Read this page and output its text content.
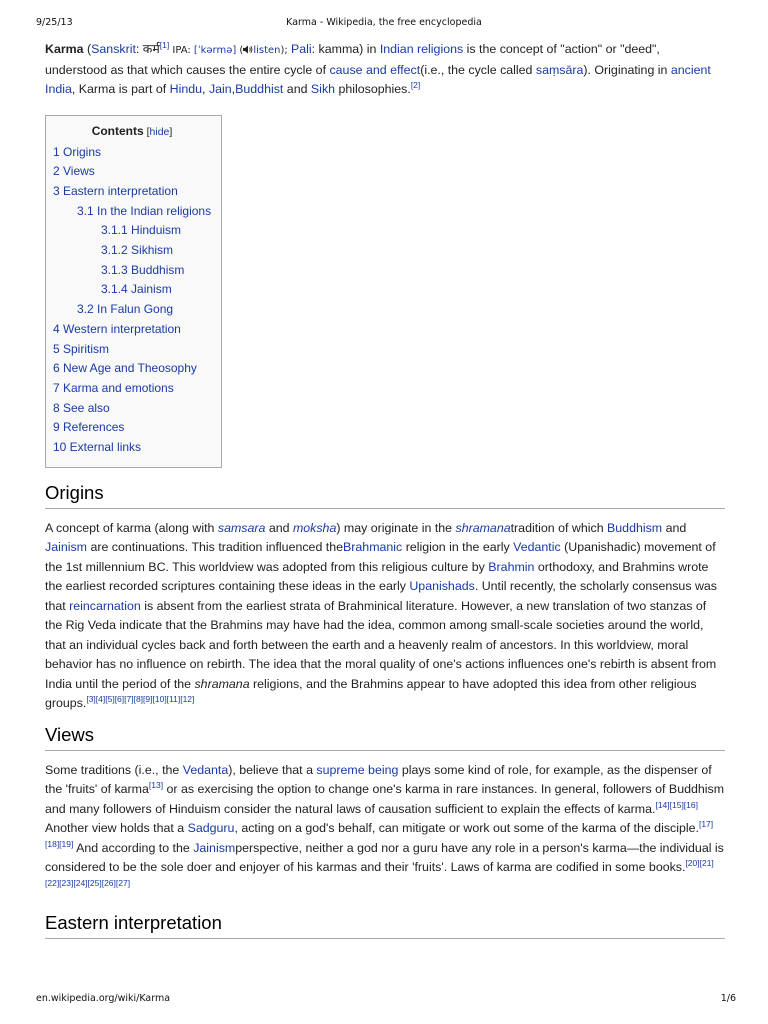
9/25/13	Karma - Wikipedia, the free encyclopedia

Karma (Sanskrit: कर्म[1] IPA: [ˈkərmə] ( listen); Pali: kamma) in Indian religions is the concept of "action" or "deed", understood as that which causes the entire cycle of cause and effect(i.e., the cycle called saṃsāra). Originating in ancient India, Karma is part of Hindu, Jain,Buddhist and Sikh philosophies.[2]

Contents [hide]
1 Origins
2 Views
3 Eastern interpretation
3.1 In the Indian religions
3.1.1 Hinduism
3.1.2 Sikhism
3.1.3 Buddhism
3.1.4 Jainism
3.2 In Falun Gong
4 Western interpretation
5 Spiritism
6 New Age and Theosophy
7 Karma and emotions
8 See also
9 References
10 External links
Origins

A concept of karma (along with samsara and moksha) may originate in the shramanatradition of which Buddhism and Jainism are continuations. This tradition influenced theBrahmanic religion in the early Vedantic (Upanishadic) movement of the 1st millennium BC. This worldview was adopted from this religious culture by Brahmin orthodoxy, and Brahmins wrote the earliest recorded scriptures containing these ideas in the early Upanishads. Until recently, the scholarly consensus was that reincarnation is absent from the earliest strata of Brahminical literature. However, a new translation of two stanzas of the Rig Veda indicate that the Brahmins may have had the idea, common among small-scale societies around the world, that an individual cycles back and forth between the earth and a heavenly realm of ancestors. In this worldview, moral behavior has no influence on rebirth. The idea that the moral quality of one's actions influences one's rebirth is absent from India until the period of the shramana religions, and the Brahmins appear to have adopted this idea from other religious groups.[3][4][5][6][7][8][9][10][11][12]

Views

Some traditions (i.e., the Vedanta), believe that a supreme being plays some kind of role, for example, as the dispenser of the 'fruits' of karma[13] or as exercising the option to change one's karma in rare instances. In general, followers of Buddhism and many followers of Hinduism consider the natural laws of causation sufficient to explain the effects of karma.[14][15][16] Another view holds that a Sadguru, acting on a god's behalf, can mitigate or work out some of the karma of the disciple.[17][18][19] And according to the Jainismperspective, neither a god nor a guru have any role in a person's karma—the individual is considered to be the sole doer and enjoyer of his karmas and their 'fruits'. Laws of karma are codified in some books.[20][21][22][23][24][25][26][27]

Eastern interpretation
en.wikipedia.org/wiki/Karma	1/6
